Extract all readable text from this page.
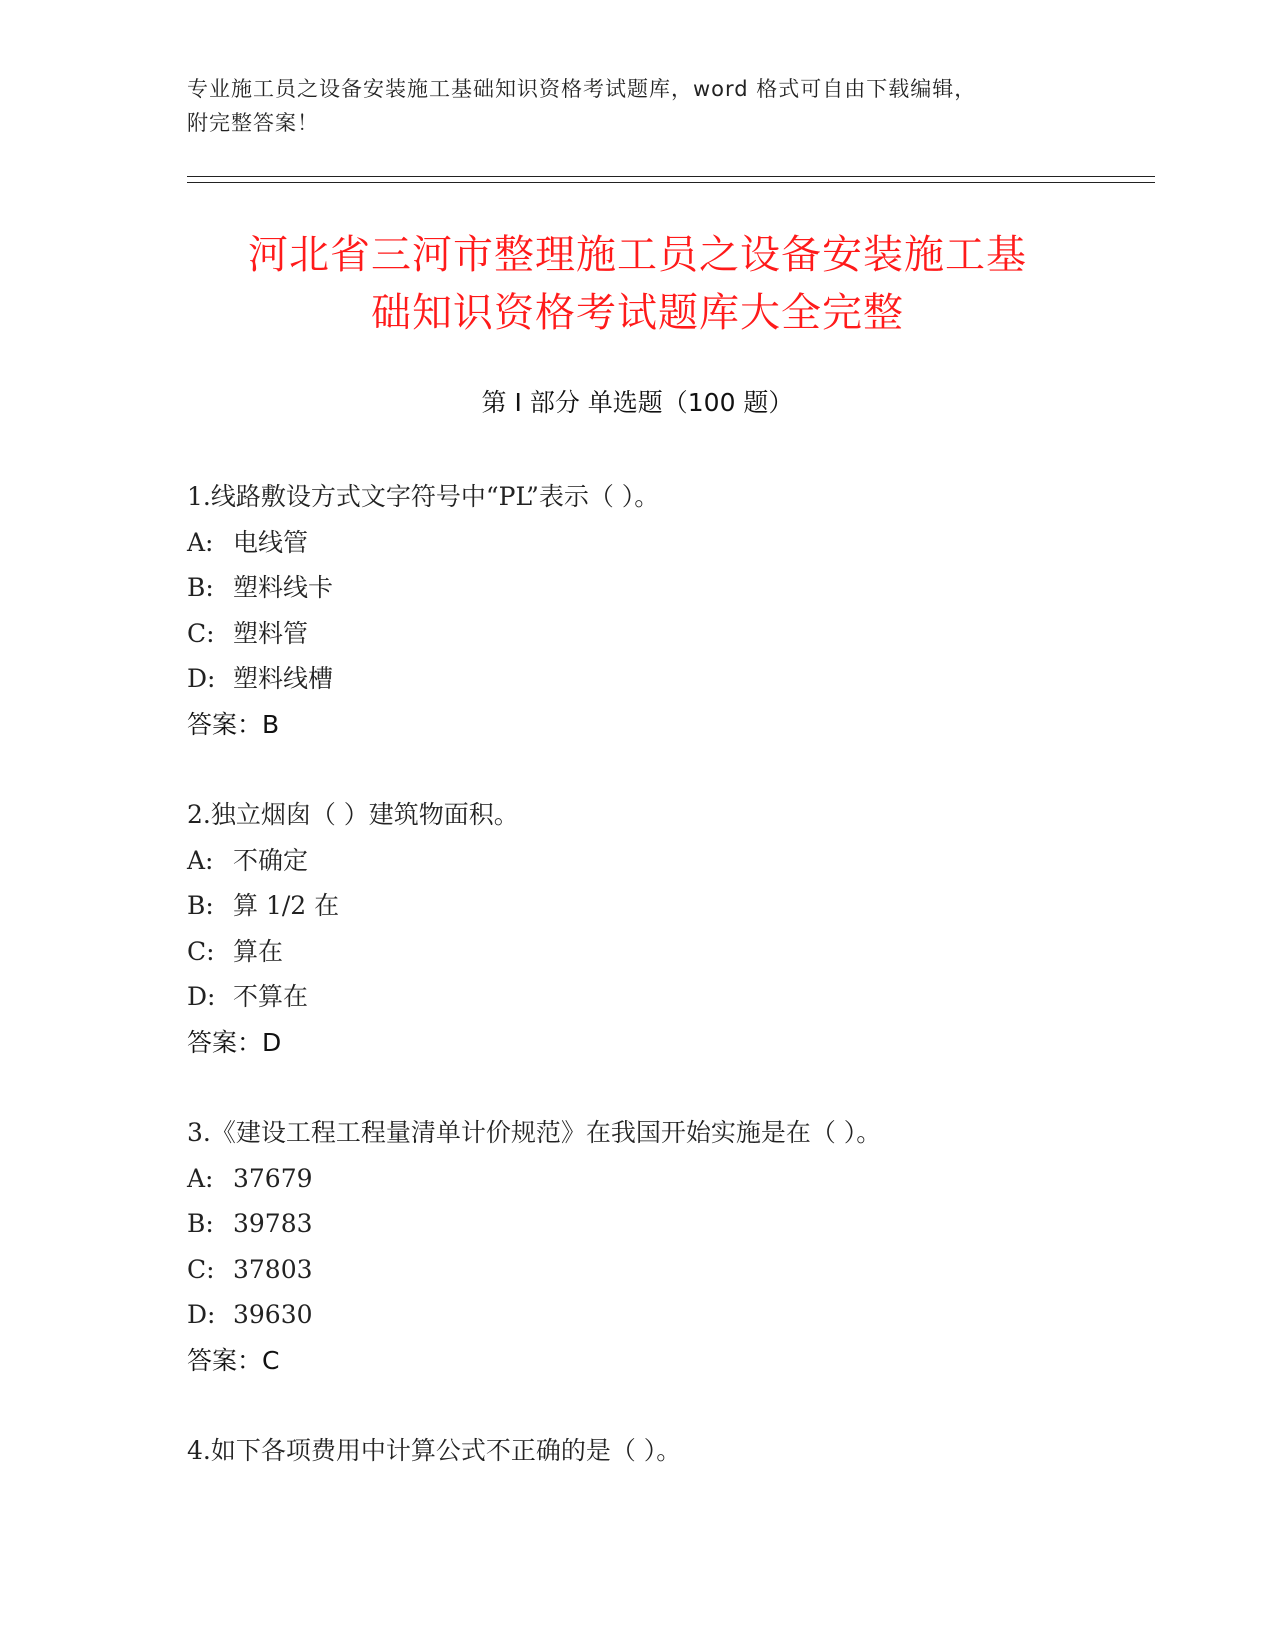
专业施工员之设备安装施工基础知识资格考试题库，word 格式可自由下载编辑，
附完整答案！
河北省三河市整理施工员之设备安装施工基
础知识资格考试题库大全完整
第 I 部分 单选题（100 题）
1.线路敷设方式文字符号中“PL”表示（ ）。
A: 电线管
B: 塑料线卡
C: 塑料管
D: 塑料线槽
答案：B
2.独立烟囱（ ）建筑物面积。
A: 不确定
B: 算 1/2 在
C: 算在
D: 不算在
答案：D
3.《建设工程工程量清单计价规范》在我国开始实施是在（ ）。
A: 37679
B: 39783
C: 37803
D: 39630
答案：C
4.如下各项费用中计算公式不正确的是（ ）。
